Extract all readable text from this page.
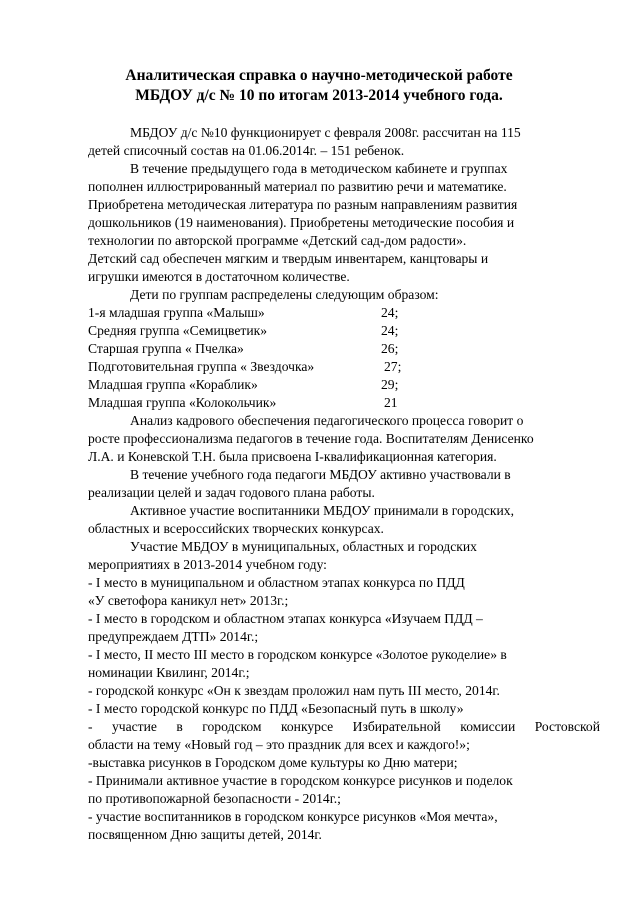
Аналитическая справка о научно-методической работе
МБДОУ д/с № 10 по итогам 2013-2014 учебного года.
МБДОУ д/с №10 функционирует с февраля 2008г. рассчитан на 115
детей списочный состав на 01.06.2014г. – 151 ребенок.
В течение предыдущего года в методическом кабинете и группах
пополнен иллюстрированный материал по развитию речи и математике.
Приобретена методическая литература по разным направлениям развития
дошкольников (19 наименования). Приобретены методические пособия и
технологии по авторской программе «Детский сад-дом радости».
Детский сад обеспечен мягким и твердым инвентарем, канцтовары и
игрушки имеются в достаточном количестве.
Дети по группам распределены следующим образом:
1-я младшая группа «Малыш»	24;
Средняя группа «Семицветик»	24;
Старшая группа « Пчелка»	26;
Подготовительная группа « Звездочка»	27;
Младшая группа «Кораблик»	29;
Младшая группа «Колокольчик»	21
Анализ кадрового обеспечения педагогического процесса говорит о
росте профессионализма педагогов в течение года. Воспитателям Денисенко
Л.А. и Коневской Т.Н. была присвоена I-квалификационная категория.
В течение учебного года педагоги МБДОУ активно участвовали в
реализации целей и задач годового плана работы.
Активное участие воспитанники МБДОУ принимали в городских,
областных и всероссийских творческих конкурсах.
Участие МБДОУ в муниципальных, областных и городских
мероприятиях в 2013-2014 учебном году:
- I место в муниципальном и областном этапах конкурса по ПДД
«У светофора каникул нет» 2013г.;
- I место в городском и областном этапах конкурса «Изучаем ПДД –
предупреждаем ДТП» 2014г.;
- I место, II место III место в городском конкурсе «Золотое рукоделие» в
номинации Квилинг, 2014г.;
- городской конкурс «Он к звездам проложил нам путь III место, 2014г.
- I место городской конкурс по ПДД «Безопасный путь в школу»
- участие в городском конкурсе Избирательной комиссии Ростовской
области на тему «Новый год – это праздник для всех и каждого!»;
-выставка рисунков в Городском доме культуры ко Дню матери;
- Принимали активное участие в городском конкурсе рисунков и поделок
по противопожарной безопасности - 2014г.;
- участие воспитанников в городском конкурсе рисунков «Моя мечта»,
посвященном Дню защиты детей, 2014г.
